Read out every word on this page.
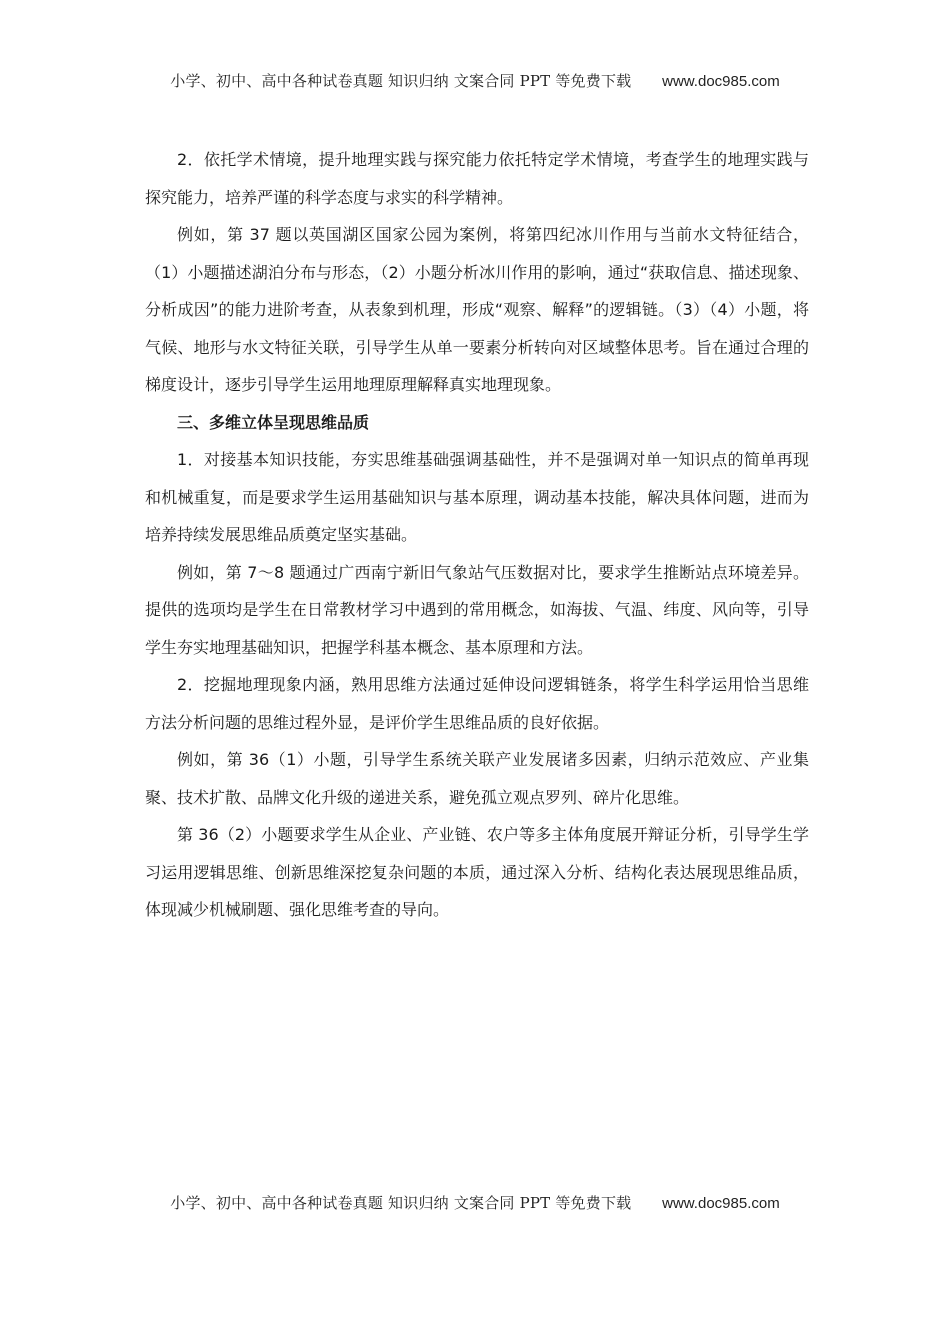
小学、初中、高中各种试卷真题 知识归纳 文案合同 PPT 等免费下载 www.doc985.com

2．依托学术情境，提升地理实践与探究能力依托特定学术情境，考查学生的地理实践与探究能力，培养严谨的科学态度与求实的科学精神。

例如，第 37 题以英国湖区国家公园为案例，将第四纪冰川作用与当前水文特征结合，（1）小题描述湖泊分布与形态，（2）小题分析冰川作用的影响，通过“获取信息、描述现象、分析成因”的能力进阶考查，从表象到机理，形成“观察、解释”的逻辑链。（3）（4）小题，将气候、地形与水文特征关联，引导学生从单一要素分析转向对区域整体思考。旨在通过合理的梯度设计，逐步引导学生运用地理原理解释真实地理现象。

三、多维立体呈现思维品质

1．对接基本知识技能，夯实思维基础强调基础性，并不是强调对单一知识点的简单再现和机械重复，而是要求学生运用基础知识与基本原理，调动基本技能，解决具体问题，进而为培养持续发展思维品质奠定坚实基础。

例如，第 7～8 题通过广西南宁新旧气象站气压数据对比，要求学生推断站点环境差异。提供的选项均是学生在日常教材学习中遇到的常用概念，如海拔、气温、纬度、风向等，引导学生夯实地理基础知识，把握学科基本概念、基本原理和方法。

2．挖掘地理现象内涵，熟用思维方法通过延伸设问逻辑链条，将学生科学运用恰当思维方法分析问题的思维过程外显，是评价学生思维品质的良好依据。

例如，第 36（1）小题，引导学生系统关联产业发展诸多因素，归纳示范效应、产业集聚、技术扩散、品牌文化升级的递进关系，避免孤立观点罗列、碎片化思维。

第 36（2）小题要求学生从企业、产业链、农户等多主体角度展开辩证分析，引导学生学习运用逻辑思维、创新思维深挖复杂问题的本质，通过深入分析、结构化表达展现思维品质，体现减少机械刷题、强化思维考查的导向。

小学、初中、高中各种试卷真题 知识归纳 文案合同 PPT 等免费下载 www.doc985.com
